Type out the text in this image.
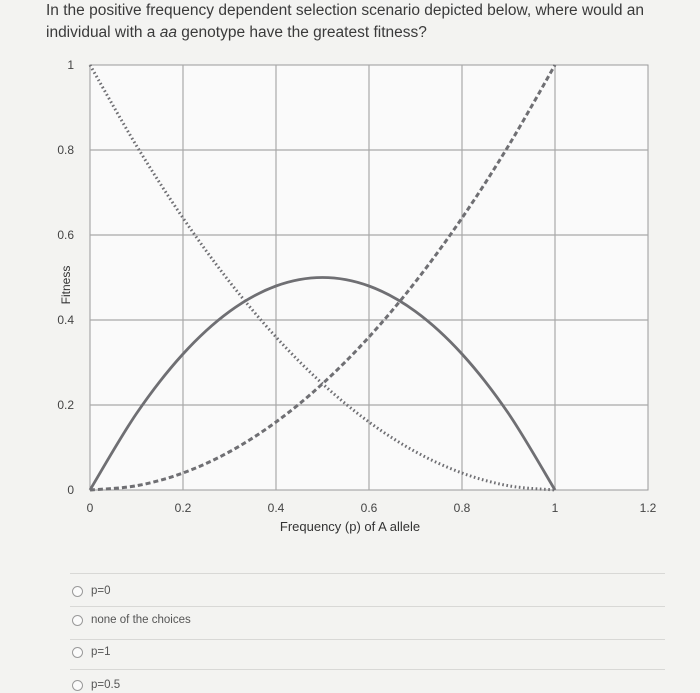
In the positive frequency dependent selection scenario depicted below, where would an individual with a aa genotype have the greatest fitness?
0	0.2	0.4	0.6	0.8	1	1.2
0
0.2
0.4
0.6
0.8
1
Frequency (p) of A allele
Fitness
p=0
none of the choices
p=1
p=0.5
